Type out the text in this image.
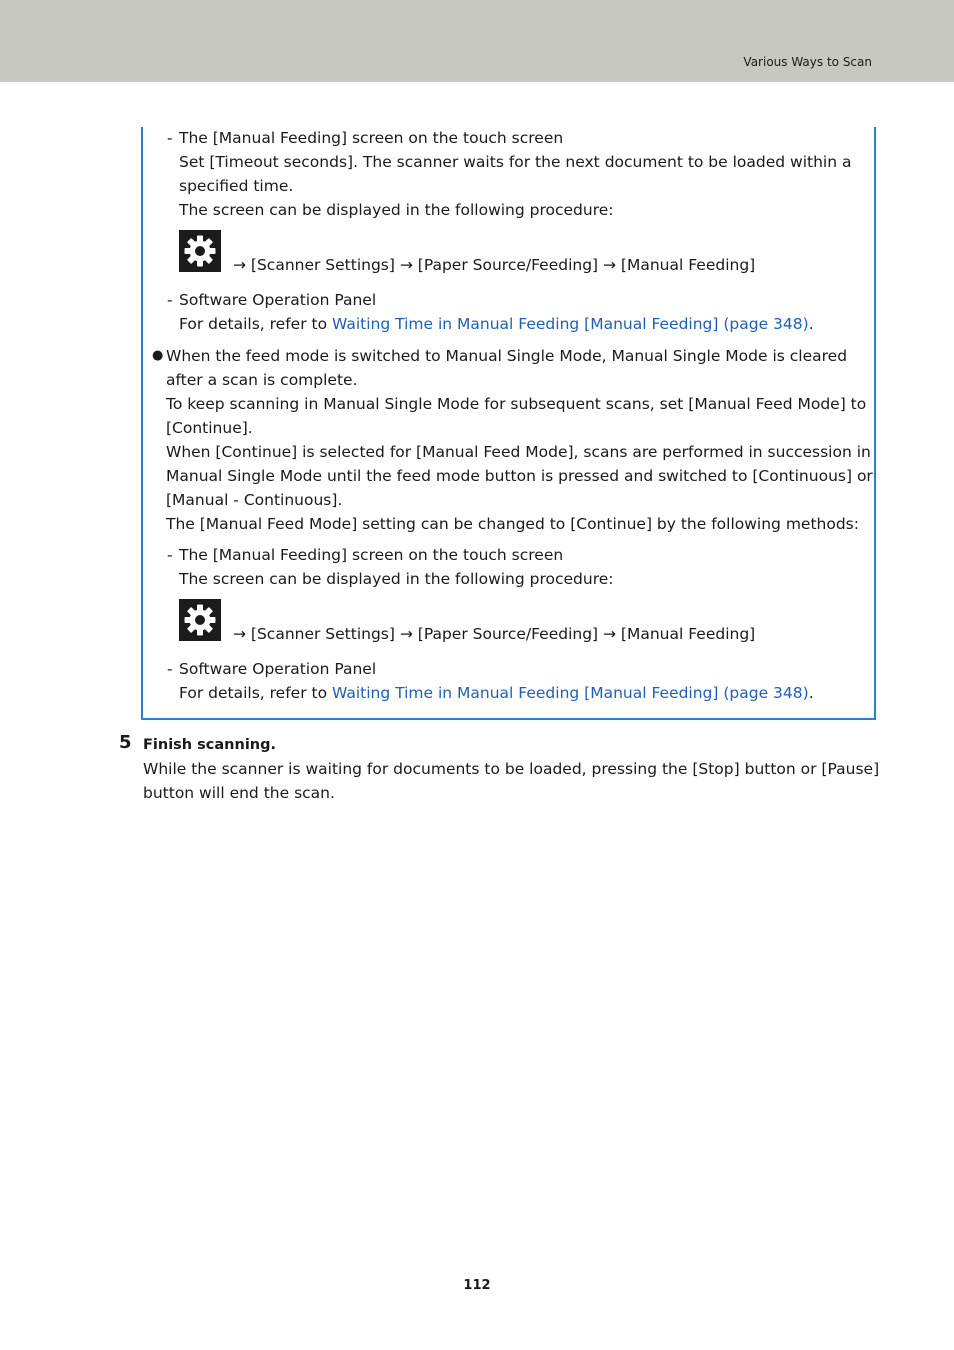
Various Ways to Scan
- The [Manual Feeding] screen on the touch screen
Set [Timeout seconds]. The scanner waits for the next document to be loaded within a
specified time.
The screen can be displayed in the following procedure:
→ [Scanner Settings] → [Paper Source/Feeding] → [Manual Feeding]
- Software Operation Panel
For details, refer to Waiting Time in Manual Feeding [Manual Feeding] (page 348).
● When the feed mode is switched to Manual Single Mode, Manual Single Mode is cleared
after a scan is complete.
To keep scanning in Manual Single Mode for subsequent scans, set [Manual Feed Mode] to
[Continue].
When [Continue] is selected for [Manual Feed Mode], scans are performed in succession in
Manual Single Mode until the feed mode button is pressed and switched to [Continuous] or
[Manual - Continuous].
The [Manual Feed Mode] setting can be changed to [Continue] by the following methods:
- The [Manual Feeding] screen on the touch screen
The screen can be displayed in the following procedure:
→ [Scanner Settings] → [Paper Source/Feeding] → [Manual Feeding]
- Software Operation Panel
For details, refer to Waiting Time in Manual Feeding [Manual Feeding] (page 348).
5 Finish scanning.
While the scanner is waiting for documents to be loaded, pressing the [Stop] button or [Pause]
button will end the scan.
112
